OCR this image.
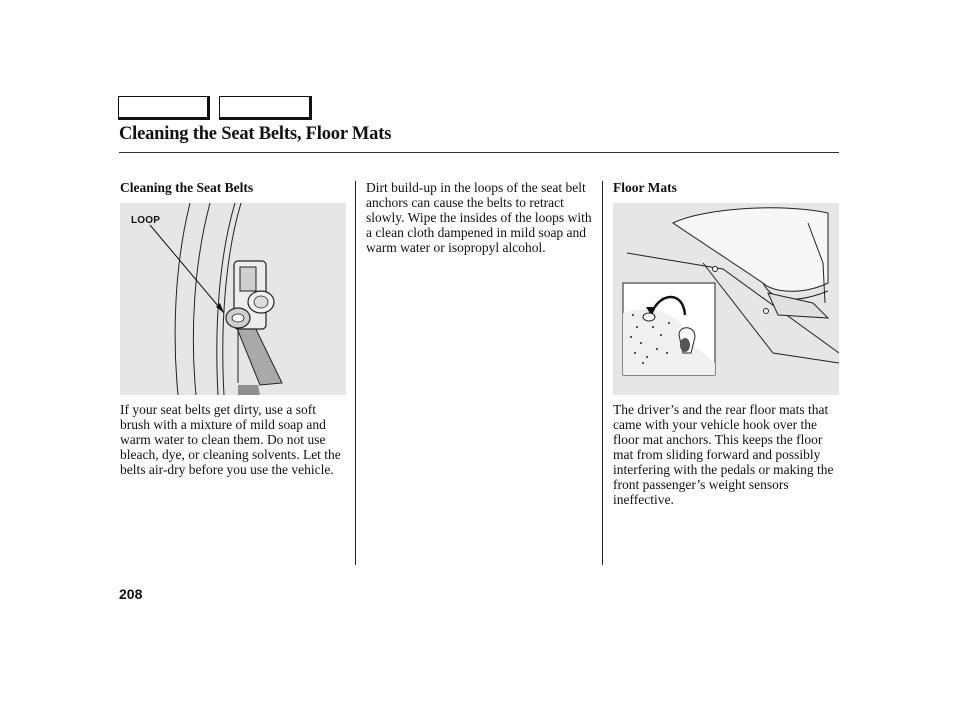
Cleaning the Seat Belts, Floor Mats
Cleaning the Seat Belts
LOOP
If your seat belts get dirty, use a soft brush with a mixture of mild soap and warm water to clean them. Do not use bleach, dye, or cleaning solvents. Let the belts air-dry before you use the vehicle.
Dirt build-up in the loops of the seat belt anchors can cause the belts to retract slowly. Wipe the insides of the loops with a clean cloth dampened in mild soap and warm water or isopropyl alcohol.
Floor Mats
The driver’s and the rear floor mats that came with your vehicle hook over the floor mat anchors. This keeps the floor mat from sliding forward and possibly interfering with the pedals or making the front passenger’s weight sensors ineffective.
208
